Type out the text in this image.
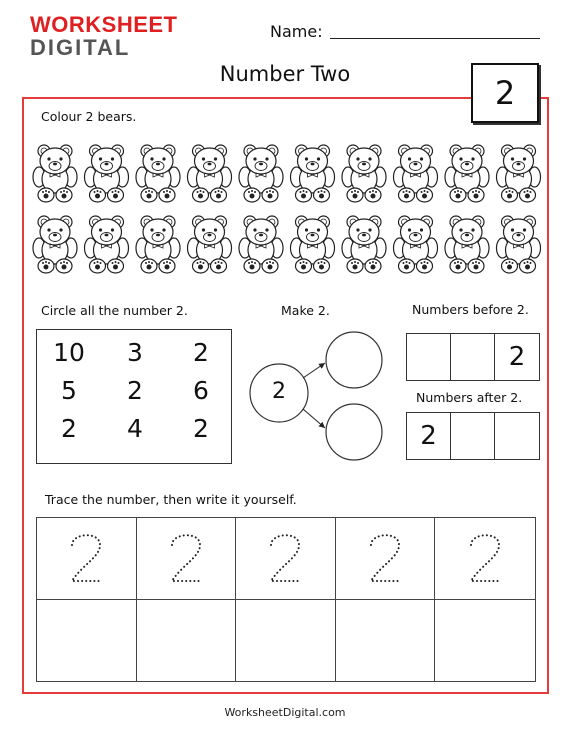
WORKSHEET
DIGITAL
Name:
Number Two	2
Colour 2 bears.
Circle all the number 2.
10	3	2
5	2	6
2	4	2
Make 2.
2
Numbers before 2.
2
Numbers after 2.
2
Trace the number, then write it yourself.
WorksheetDigital.com
